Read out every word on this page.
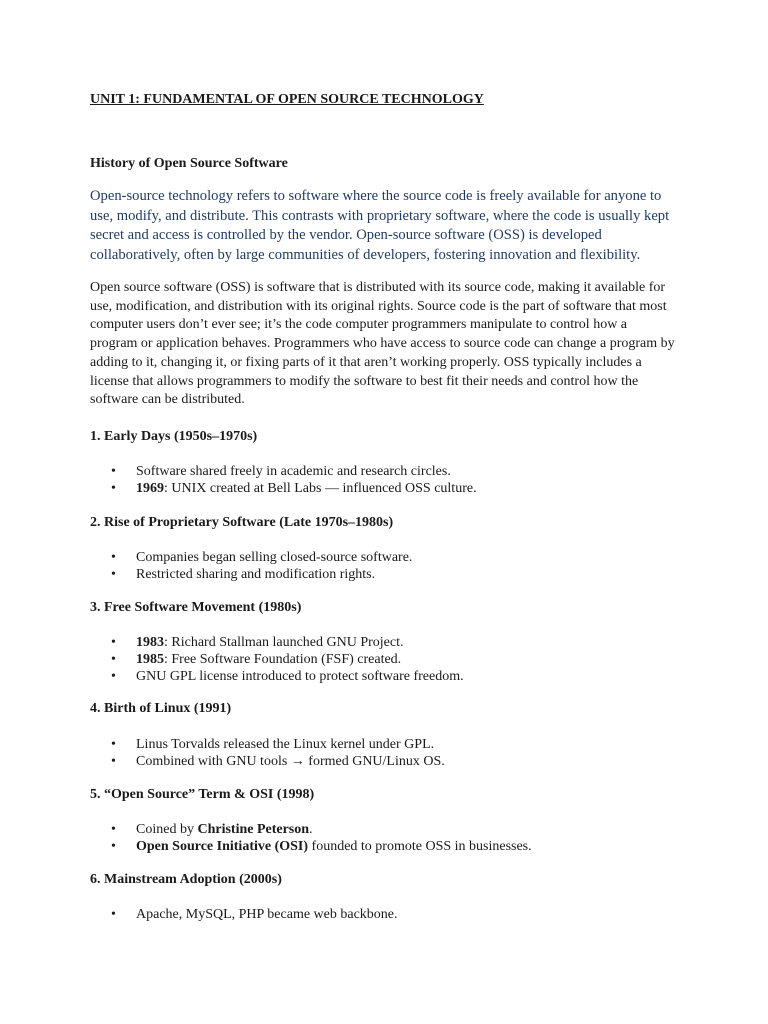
UNIT 1: FUNDAMENTAL OF OPEN SOURCE TECHNOLOGY
History of Open Source Software

Open-source technology refers to software where the source code is freely available for anyone to use, modify, and distribute. This contrasts with proprietary software, where the code is usually kept secret and access is controlled by the vendor. Open-source software (OSS) is developed collaboratively, often by large communities of developers, fostering innovation and flexibility.

Open source software (OSS) is software that is distributed with its source code, making it available for use, modification, and distribution with its original rights. Source code is the part of software that most computer users don’t ever see; it’s the code computer programmers manipulate to control how a program or application behaves. Programmers who have access to source code can change a program by adding to it, changing it, or fixing parts of it that aren’t working properly. OSS typically includes a license that allows programmers to modify the software to best fit their needs and control how the software can be distributed.

1. Early Days (1950s–1970s)
• Software shared freely in academic and research circles.
• 1969: UNIX created at Bell Labs — influenced OSS culture.
2. Rise of Proprietary Software (Late 1970s–1980s)
• Companies began selling closed-source software.
• Restricted sharing and modification rights.
3. Free Software Movement (1980s)
• 1983: Richard Stallman launched GNU Project.
• 1985: Free Software Foundation (FSF) created.
• GNU GPL license introduced to protect software freedom.
4. Birth of Linux (1991)
• Linus Torvalds released the Linux kernel under GPL.
• Combined with GNU tools → formed GNU/Linux OS.
5. “Open Source” Term & OSI (1998)
• Coined by Christine Peterson.
• Open Source Initiative (OSI) founded to promote OSS in businesses.
6. Mainstream Adoption (2000s)
• Apache, MySQL, PHP became web backbone.
